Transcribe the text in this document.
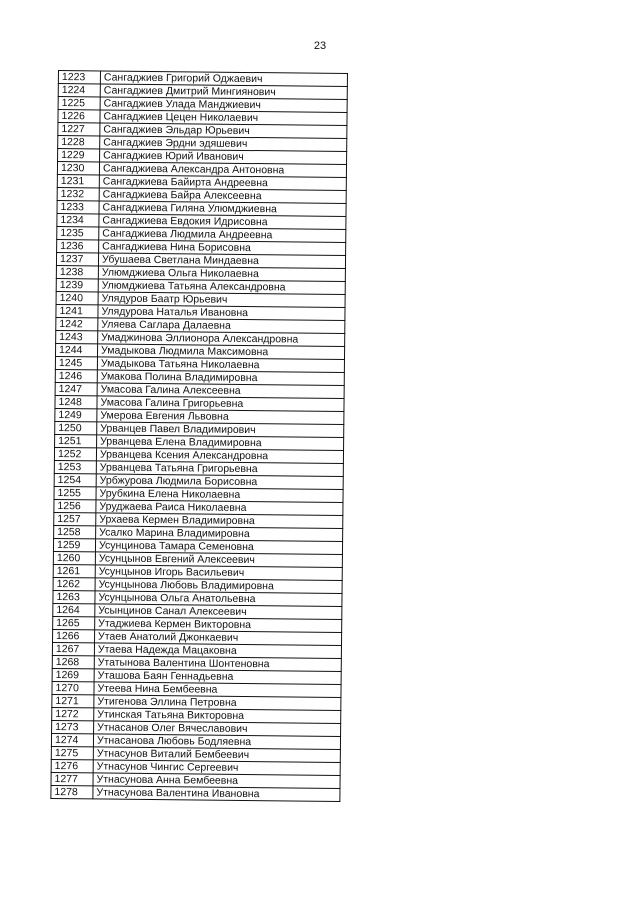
23
1223	Сангаджиев Григорий Оджаевич
1224	Сангаджиев Дмитрий Мингиянович
1225	Сангаджиев Улада Манджиевич
1226	Сангаджиев Цецен Николаевич
1227	Сангаджиев Эльдар Юрьевич
1228	Сангаджиев Эрдни эдяшевич
1229	Сангаджиев Юрий Иванович
1230	Сангаджиева Александра Антоновна
1231	Сангаджиева Байирта Андреевна
1232	Сангаджиева Байра Алексеевна
1233	Сангаджиева Гиляна Улюмджиевна
1234	Сангаджиева Евдокия Идрисовна
1235	Сангаджиева Людмила Андреевна
1236	Сангаджиева Нина Борисовна
1237	Убушаева Светлана Миндаевна
1238	Улюмджиева Ольга Николаевна
1239	Улюмджиева Татьяна Александровна
1240	Улядуров Баатр Юрьевич
1241	Улядурова Наталья Ивановна
1242	Уляева Саглара Далаевна
1243	Умаджинова Эллионора Александровна
1244	Умадыкова Людмила Максимовна
1245	Умадыкова Татьяна Николаевна
1246	Умакова Полина Владимировна
1247	Умасова Галина Алексеевна
1248	Умасова Галина Григорьевна
1249	Умерова Евгения Львовна
1250	Урванцев Павел Владимирович
1251	Урванцева Елена Владимировна
1252	Урванцева Ксения Александровна
1253	Урванцева Татьяна Григорьевна
1254	Урбжурова Людмила Борисовна
1255	Урубкина Елена Николаевна
1256	Уруджаева Раиса Николаевна
1257	Урхаева Кермен Владимировна
1258	Усалко Марина Владимировна
1259	Усунцинова Тамара Семеновна
1260	Усунцынов Евгений Алексеевич
1261	Усунцынов Игорь Васильевич
1262	Усунцынова Любовь Владимировна
1263	Усунцынова Ольга Анатольевна
1264	Усынцинов Санал Алексеевич
1265	Утаджиева Кермен Викторовна
1266	Утаев Анатолий Джонкаевич
1267	Утаева Надежда Мацаковна
1268	Утатынова Валентина Шонтеновна
1269	Уташова Баян Геннадьевна
1270	Утеева Нина Бембеевна
1271	Утигенова Эллина Петровна
1272	Утинская Татьяна Викторовна
1273	Утнасанов Олег Вячеславович
1274	Утнасанова Любовь Бодляевна
1275	Утнасунов Виталий Бембеевич
1276	Утнасунов Чингис Сергеевич
1277	Утнасунова Анна Бембеевна
1278	Утнасунова Валентина Ивановна
